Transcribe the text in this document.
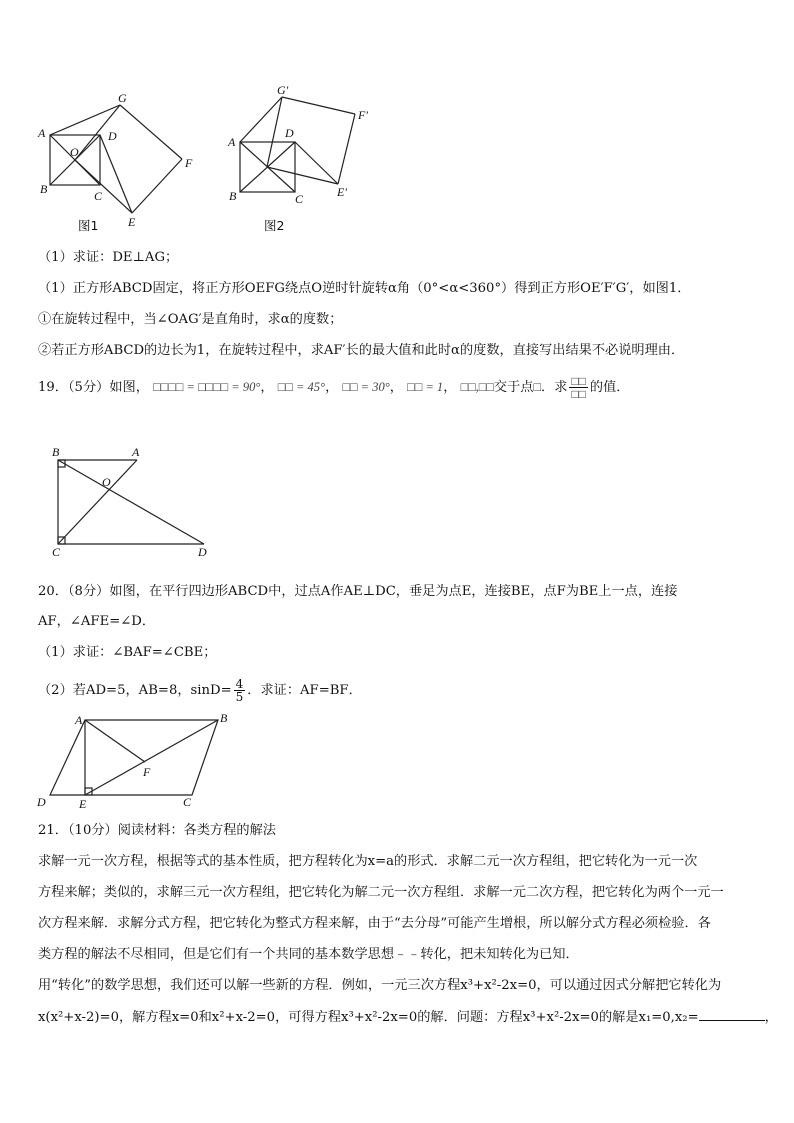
A
B	C
D
O
G
F
E
图1
A
B	C
D
G′
F′
E′
图2
（1）求证：DE⊥AG；
（1）正方形ABCD固定，将正方形OEFG绕点O逆时针旋转α角（0°<α<360°）得到正方形OE′F′G′，如图1．
①在旋转过程中，当∠OAG′是直角时，求α的度数；
②若正方形ABCD的边长为1，在旋转过程中，求AF′长的最大值和此时α的度数，直接写出结果不必说明理由．
19．（5分）如图， □□□□ = □□□□ = 90°， □□ = 45°， □□ = 30°， □□ = 1， □□,□□交于点□．求 $\frac{□□}{□□}$ 的值．
B	A
O
C	D
20．（8分）如图，在平行四边形ABCD中，过点A作AE⊥DC，垂足为点E，连接BE，点F为BE上一点，连接
AF，∠AFE=∠D．
（1）求证：∠BAF=∠CBE；
（2）若AD=5，AB=8，$\sin D= \frac{4}{5}$ ．求证：AF=BF．
A	B
C
D	E
F
21．（10分）阅读材料：各类方程的解法
求解一元一次方程，根据等式的基本性质，把方程转化为x=a的形式．求解二元一次方程组，把它转化为一元一次
方程来解；类似的，求解三元一次方程组，把它转化为解二元一次方程组．求解一元二次方程，把它转化为两个一元一
次方程来解．求解分式方程，把它转化为整式方程来解，由于“去分母”可能产生增根，所以解分式方程必须检验．各
类方程的解法不尽相同，但是它们有一个共同的基本数学思想﹣﹣转化，把未知转化为已知．
用“转化”的数学思想，我们还可以解一些新的方程．例如，一元三次方程x³+x²-2x=0，可以通过因式分解把它转化为
x(x²+x-2)=0，解方程x=0和x²+x-2=0，可得方程x³+x²-2x=0的解．问题：方程x³+x²-2x=0的解是x₁=0,x₂=	，
